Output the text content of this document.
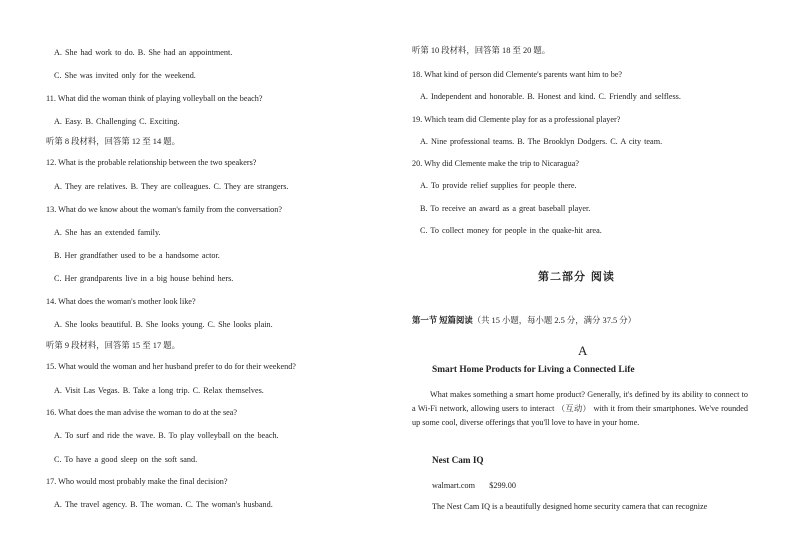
A. She had work to do. B. She had an appointment.
C. She was invited only for the weekend.
11. What did the woman think of playing volleyball on the beach?
A. Easy. B. Challenging C. Exciting.
听第 8 段材料，回答第 12 至 14 题。
12. What is the probable relationship between the two speakers?
A. They are relatives. B. They are colleagues. C. They are strangers.
13. What do we know about the woman's family from the conversation?
A. She has an extended family.
B. Her grandfather used to be a handsome actor.
C. Her grandparents live in a big house behind hers.
14. What does the woman's mother look like?
A. She looks beautiful. B. She looks young. C. She looks plain.
听第 9 段材料，回答第 15 至 17 题。
15. What would the woman and her husband prefer to do for their weekend?
A. Visit Las Vegas. B. Take a long trip. C. Relax themselves.
16. What does the man advise the woman to do at the sea?
A. To surf and ride the wave. B. To play volleyball on the beach.
C. To have a good sleep on the soft sand.
17. Who would most probably make the final decision?
A. The travel agency. B. The woman. C. The woman's husband.
听第 10 段材料，回答第 18 至 20 题。
18. What kind of person did Clemente's parents want him to be?
A. Independent and honorable. B. Honest and kind. C. Friendly and selfless.
19. Which team did Clemente play for as a professional player?
A. Nine professional teams. B. The Brooklyn Dodgers. C. A city team.
20. Why did Clemente make the trip to Nicaragua?
A. To provide relief supplies for people there.
B. To receive an award as a great baseball player.
C. To collect money for people in the quake-hit area.
第二部分 阅读
第一节 短篇阅读（共 15 小题，每小题 2.5 分，满分 37.5 分）
A
Smart Home Products for Living a Connected Life
What makes something a smart home product? Generally, it's defined by its ability to connect to a Wi-Fi network, allowing users to interact （互动） with it from their smartphones. We've rounded up some cool, diverse offerings that you'll love to have in your home.
Nest Cam IQ
walmart.com $299.00
The Nest Cam IQ is a beautifully designed home security camera that can recognize
